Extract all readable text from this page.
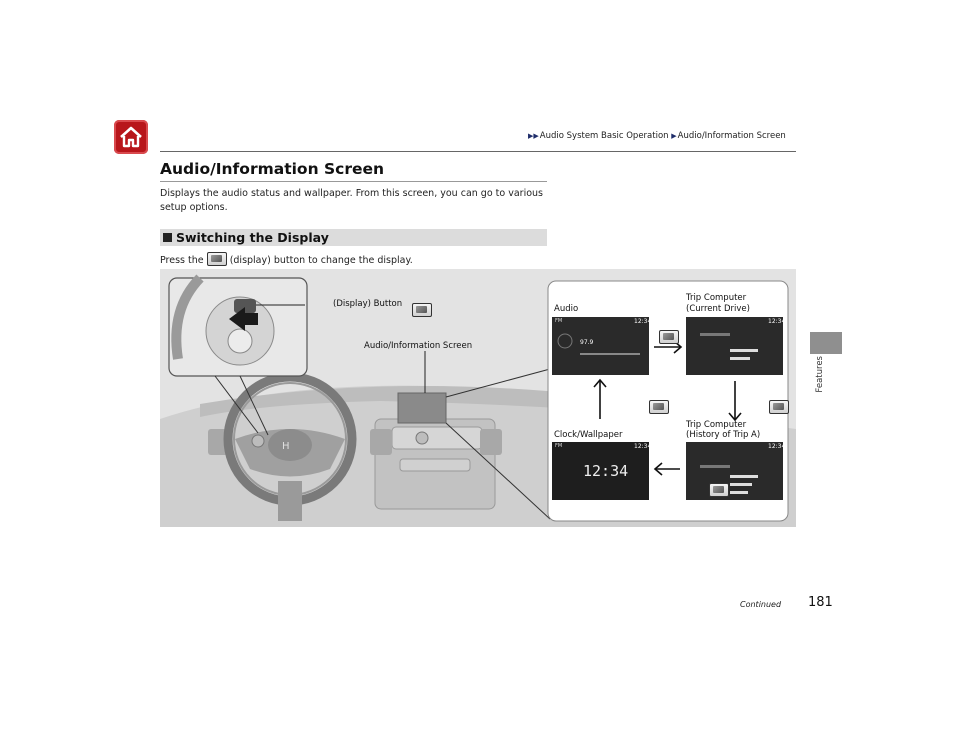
▶▶Audio System Basic Operation ▶Audio/Information Screen
Audio/Information Screen
Displays the audio status and wallpaper. From this screen, you can go to various setup options.
Switching the Display
Press the	(display) button to change the display.
H

(Display) Button
Audio/Information Screen
Audio
Trip Computer
(Current Drive)
Trip Computer
(History of Trip A)
Clock/Wallpaper
FM	12:34
97.9
12:34
FM	12:34
12:34
12:34
Features
Continued 181
